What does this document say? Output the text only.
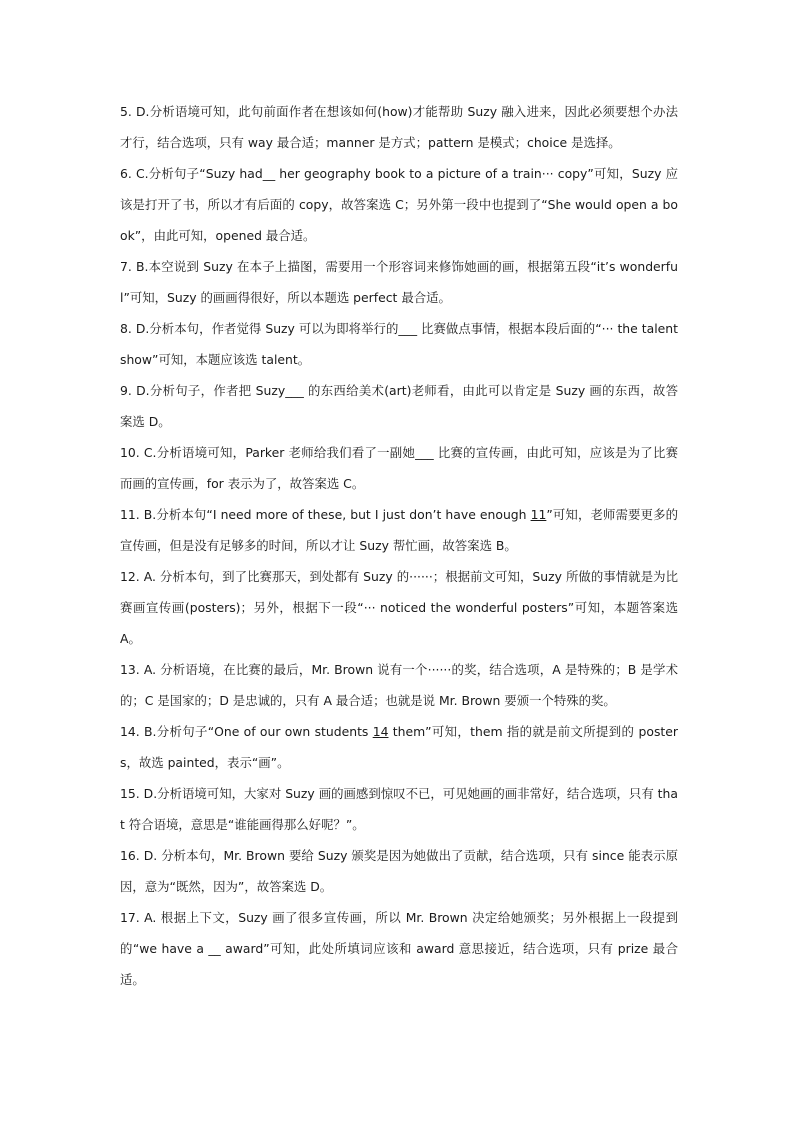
5. D.分析语境可知，此句前面作者在想该如何(how)才能帮助 Suzy 融入进来，因此必须要想个办法才行，结合选项，只有 way 最合适；manner 是方式；pattern 是模式；choice 是选择。

6. C.分析句子“Suzy had__ her geography book to a picture of a train··· copy”可知，Suzy 应该是打开了书，所以才有后面的 copy，故答案选 C；另外第一段中也提到了“She would open a book”，由此可知，opened 最合适。

7. B.本空说到 Suzy 在本子上描图，需要用一个形容词来修饰她画的画，根据第五段“it’s wonderful”可知，Suzy 的画画得很好，所以本题选 perfect 最合适。

8. D.分析本句，作者觉得 Suzy 可以为即将举行的___ 比赛做点事情，根据本段后面的“··· the talent show”可知，本题应该选 talent。

9. D.分析句子，作者把 Suzy___ 的东西给美术(art)老师看，由此可以肯定是 Suzy 画的东西，故答案选 D。

10. C.分析语境可知，Parker 老师给我们看了一副她___ 比赛的宣传画，由此可知，应该是为了比赛而画的宣传画，for 表示为了，故答案选 C。

11. B.分析本句“I need more of these, but I just don’t have enough 11”可知，老师需要更多的宣传画，但是没有足够多的时间，所以才让 Suzy 帮忙画，故答案选 B。

12. A. 分析本句，到了比赛那天，到处都有 Suzy 的······；根据前文可知，Suzy 所做的事情就是为比赛画宣传画(posters)；另外，根据下一段“··· noticed the wonderful posters”可知，本题答案选 A。

13. A. 分析语境，在比赛的最后，Mr. Brown 说有一个······的奖，结合选项，A 是特殊的；B 是学术的；C 是国家的；D 是忠诚的，只有 A 最合适；也就是说 Mr. Brown 要颁一个特殊的奖。

14. B.分析句子“One of our own students 14 them”可知，them 指的就是前文所提到的 posters，故选 painted，表示“画”。

15. D.分析语境可知，大家对 Suzy 画的画感到惊叹不已，可见她画的画非常好，结合选项，只有 that 符合语境，意思是“谁能画得那么好呢？”。

16. D. 分析本句，Mr. Brown 要给 Suzy 颁奖是因为她做出了贡献，结合选项，只有 since 能表示原因，意为“既然，因为”，故答案选 D。

17. A. 根据上下文，Suzy 画了很多宣传画，所以 Mr. Brown 决定给她颁奖；另外根据上一段提到的“we have a __ award”可知，此处所填词应该和 award 意思接近，结合选项，只有 prize 最合适。
